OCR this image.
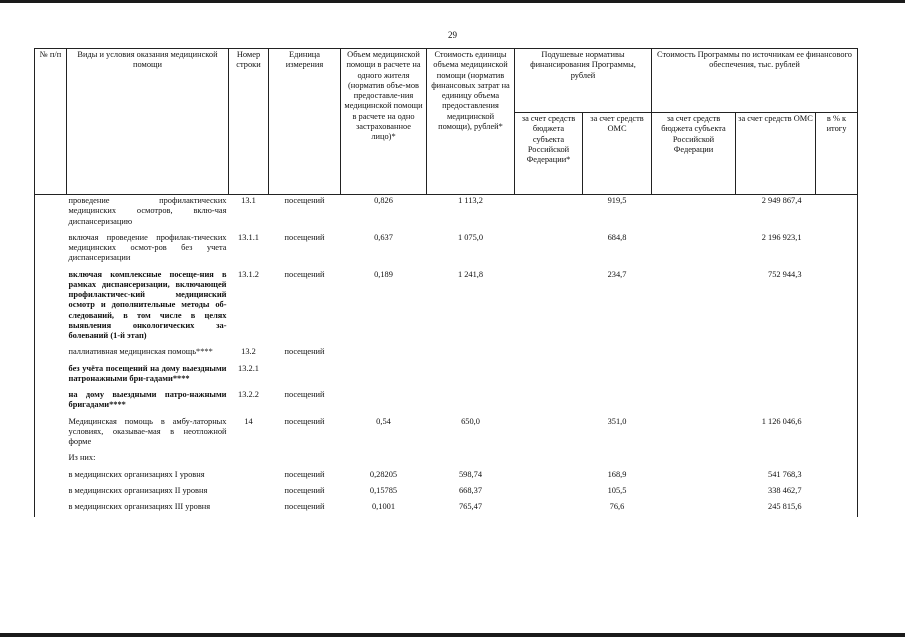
29
№ п/п	Виды и условия оказания медицинской помощи	Номер строки	Единица измерения	Объем медицинской помощи в расчете на одного жителя (норматив объе-мов предоставле-ния медицинской помощи в расчете на одно застрахованное лицо)*	Стоимость единицы объема медицинской помощи (норматив финансовых затрат на единицу объема предоставления медицинской помощи), рублей*	Подушевые нормативы финансирования Программы, рублей		Стоимость Программы по источникам ее финансового обеспечения, тыс. рублей		
						за счет средств бюджета субъекта Российской Федерации*	за счет средств ОМС	за счет средств бюджета субъекта Российской Федерации	за счет средств ОМС	в % к итогу
	проведение профилактических медицинских осмотров, вклю-чая диспансеризацию	13.1	посещений	0,826	1 113,2		919,5		2 949 867,4	

	включая проведение профилак-тических медицинских осмот-ров без учета диспансеризации	13.1.1	посещений	0,637	1 075,0		684,8		2 196 923,1	

	включая комплексные посеще-ния в рамках диспансеризации, включающей профилактичес-кий медицинский осмотр и дополнительные методы об-следований, в том числе в целях выявления онкологических за-болеваний (1-й этап)	13.1.2	посещений	0,189	1 241,8		234,7		752 944,3	

	паллиативная медицинская помощь****	13.2	посещений							

	без учёта посещений на дому выездными патронажными бри-гадами****	13.2.1								

	на дому выездными патро-нажными бригадами****	13.2.2	посещений							

	Медицинская помощь в амбу-латорных условиях, оказывае-мая в неотложной форме	14	посещений	0,54	650,0		351,0		1 126 046,6	

	Из них:									

	в медицинских организациях I уровня		посещений	0,28205	598,74		168,9		541 768,3	

	в медицинских организациях II уровня		посещений	0,15785	668,37		105,5		338 462,7	

	в медицинских организациях III уровня		посещений	0,1001	765,47		76,6		245 815,6	
